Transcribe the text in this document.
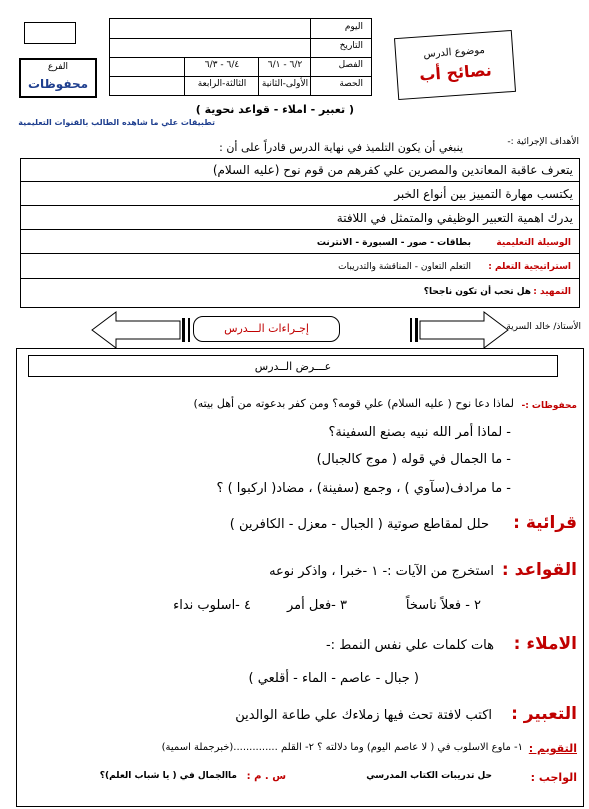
الفرع
محفوظات
اليوم
التاريخ
الفصل
الحصة
٦/٢ - ٦/١
٦/٤ - ٦/٣
الأولى-الثانية
الثالثة-الرابعة
موضوع الدرس
نصائح أب
( تعبير - املاء - قواعد نحوية )
تطبيقات علي ما شاهده الطالب بالقنوات التعليمية
الأهداف الإجرائية :-
ينبغي أن يكون التلميذ في نهاية الدرس قادراً على أن :
يتعرف عاقبة المعاندين والمصرين علي كفرهم من قوم نوح (عليه السلام)
يكتسب مهارة التمييز بين أنواع الخبر
يدرك اهمية التعبير الوظيفي والمتمثل في اللافتة
الوسيلة التعليمية
بطاقات - صور - السبورة - الانترنت
استراتيجية التعلم :
التعلم التعاون - المناقشة والتدريبات
التمهيد :
هل تحب أن تكون ناجحا؟
الأستاذ/ خالد السرية
إجـراءات الـــدرس
عـــرض الــدرس
محفوظات :-
لماذا دعا نوح ( عليه السلام) علي قومه؟ ومن كفر بدعوته من أهل بيته)
- لماذا أمر الله نبيه بصنع السفينة؟
- ما الجمال في قوله ( موج كالجبال)
- ما مرادف(سآوي ) ، وجمع (سفينة) ، مضاد( اركبوا ) ؟
قرائية :
حلل لمقاطع صوتية ( الجبال - معزل - الكافرين )
القواعد :
استخرج من الآيات :- ١ -خبرا ، واذكر نوعه
٢ - فعلاً ناسخاً
٣ -فعل أمر
٤ -اسلوب نداء
الاملاء :
هات كلمات علي نفس النمط :-
( جبال - عاصم - الماء - أقلعي )
التعبير :
اكتب لافتة تحث فيها زملاءك علي طاعة الوالدين
التقويم :
١- ماوع الاسلوب في ( لا عاصم اليوم) وما دلالته ؟ ٢- القلم ..............(خبرجملة اسمية)
الواجب :
حل تدريبات الكتاب المدرسي
س . م :
ماالجمال في ( يا شباب العلم)؟
